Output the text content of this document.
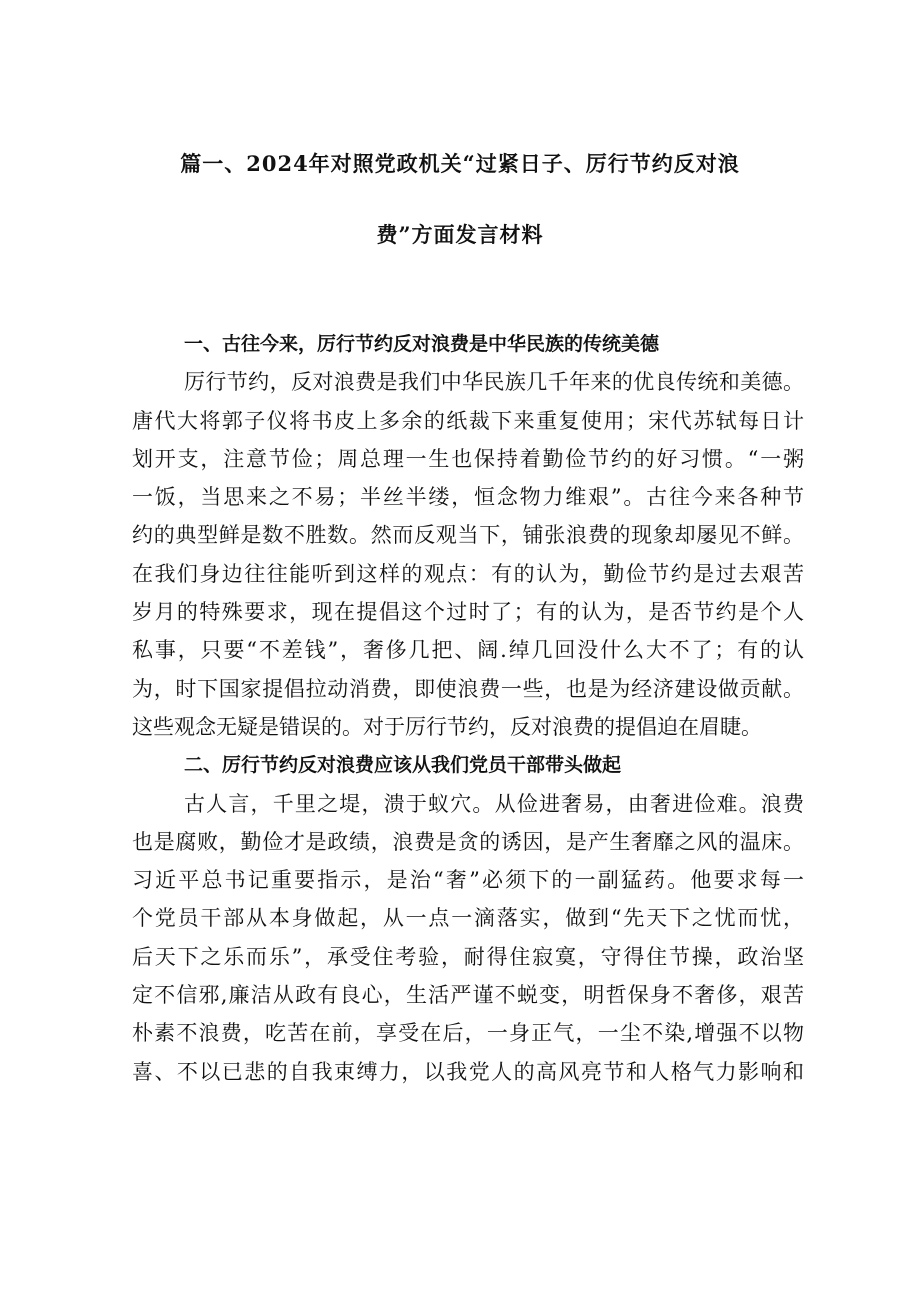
篇一、2024年对照党政机关“过紧日子、厉行节约反对浪
费”方面发言材料
一、古往今来，厉行节约反对浪费是中华民族的传统美德
厉行节约，反对浪费是我们中华民族几千年来的优良传统和美德。
唐代大将郭子仪将书皮上多余的纸裁下来重复使用；宋代苏轼每日计
划开支，注意节俭；周总理一生也保持着勤俭节约的好习惯。“一粥
一饭，当思来之不易；半丝半缕，恒念物力维艰”。古往今来各种节
约的典型鲜是数不胜数。然而反观当下，铺张浪费的现象却屡见不鲜。
在我们身边往往能听到这样的观点：有的认为，勤俭节约是过去艰苦
岁月的特殊要求，现在提倡这个过时了；有的认为，是否节约是个人
私事，只要“不差钱”，奢侈几把、阔.绰几回没什么大不了；有的认
为，时下国家提倡拉动消费，即使浪费一些，也是为经济建设做贡献。
这些观念无疑是错误的。对于厉行节约，反对浪费的提倡迫在眉睫。
二、厉行节约反对浪费应该从我们党员干部带头做起
古人言，千里之堤，溃于蚁穴。从俭进奢易，由奢进俭难。浪费
也是腐败，勤俭才是政绩，浪费是贪的诱因，是产生奢靡之风的温床。
习近平总书记重要指示，是治“奢”必须下的一副猛药。他要求每一
个党员干部从本身做起，从一点一滴落实，做到“先天下之忧而忧，
后天下之乐而乐”，承受住考验，耐得住寂寞，守得住节操，政治坚
定不信邪,廉洁从政有良心，生活严谨不蜕变，明哲保身不奢侈，艰苦
朴素不浪费，吃苦在前，享受在后，一身正气，一尘不染,增强不以物
喜、不以已悲的自我束缚力，以我党人的高风亮节和人格气力影响和
